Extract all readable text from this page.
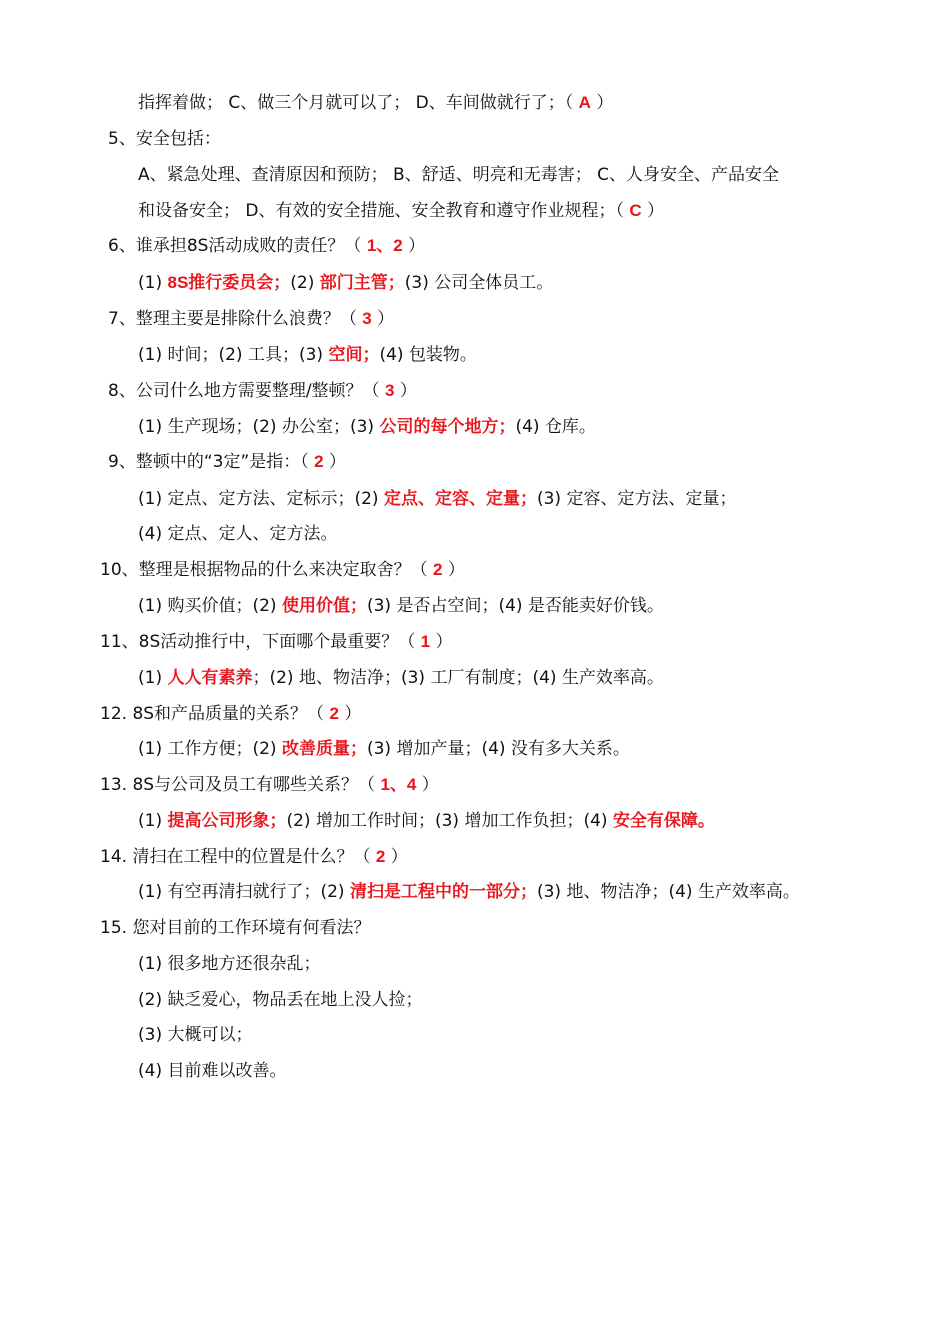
指挥着做； C、做三个月就可以了； D、车间做就行了；（ A ）
5、安全包括：
A、紧急处理、查清原因和预防； B、舒适、明亮和无毒害； C、人身安全、产品安全
和设备安全； D、有效的安全措施、安全教育和遵守作业规程；（ C ）
6、谁承担8S活动成败的责任？（ 1、2 ）
(1) 8S推行委员会；(2) 部门主管；(3) 公司全体员工。
7、整理主要是排除什么浪费？（ 3 ）
(1) 时间；(2) 工具；(3) 空间；(4) 包装物。
8、公司什么地方需要整理/整顿？（ 3 ）
(1) 生产现场；(2) 办公室；(3) 公司的每个地方；(4) 仓库。
9、整顿中的“3定”是指：（ 2 ）
(1) 定点、定方法、定标示；(2) 定点、定容、定量；(3) 定容、定方法、定量；
(4) 定点、定人、定方法。
10、整理是根据物品的什么来决定取舍？（ 2 ）
(1) 购买价值；(2) 使用价值；(3) 是否占空间；(4) 是否能卖好价钱。
11、8S活动推行中，下面哪个最重要？（ 1 ）
(1) 人人有素养；(2) 地、物洁净；(3) 工厂有制度；(4) 生产效率高。
12. 8S和产品质量的关系？（ 2 ）
(1) 工作方便；(2) 改善质量；(3) 增加产量；(4) 没有多大关系。
13. 8S与公司及员工有哪些关系？（ 1、4 ）
(1) 提高公司形象；(2) 增加工作时间；(3) 增加工作负担；(4) 安全有保障。
14. 清扫在工程中的位置是什么？（ 2 ）
(1) 有空再清扫就行了；(2) 清扫是工程中的一部分；(3) 地、物洁净；(4) 生产效率高。
15. 您对目前的工作环境有何看法？
(1) 很多地方还很杂乱；
(2) 缺乏爱心，物品丢在地上没人捡；
(3) 大概可以；
(4) 目前难以改善。
